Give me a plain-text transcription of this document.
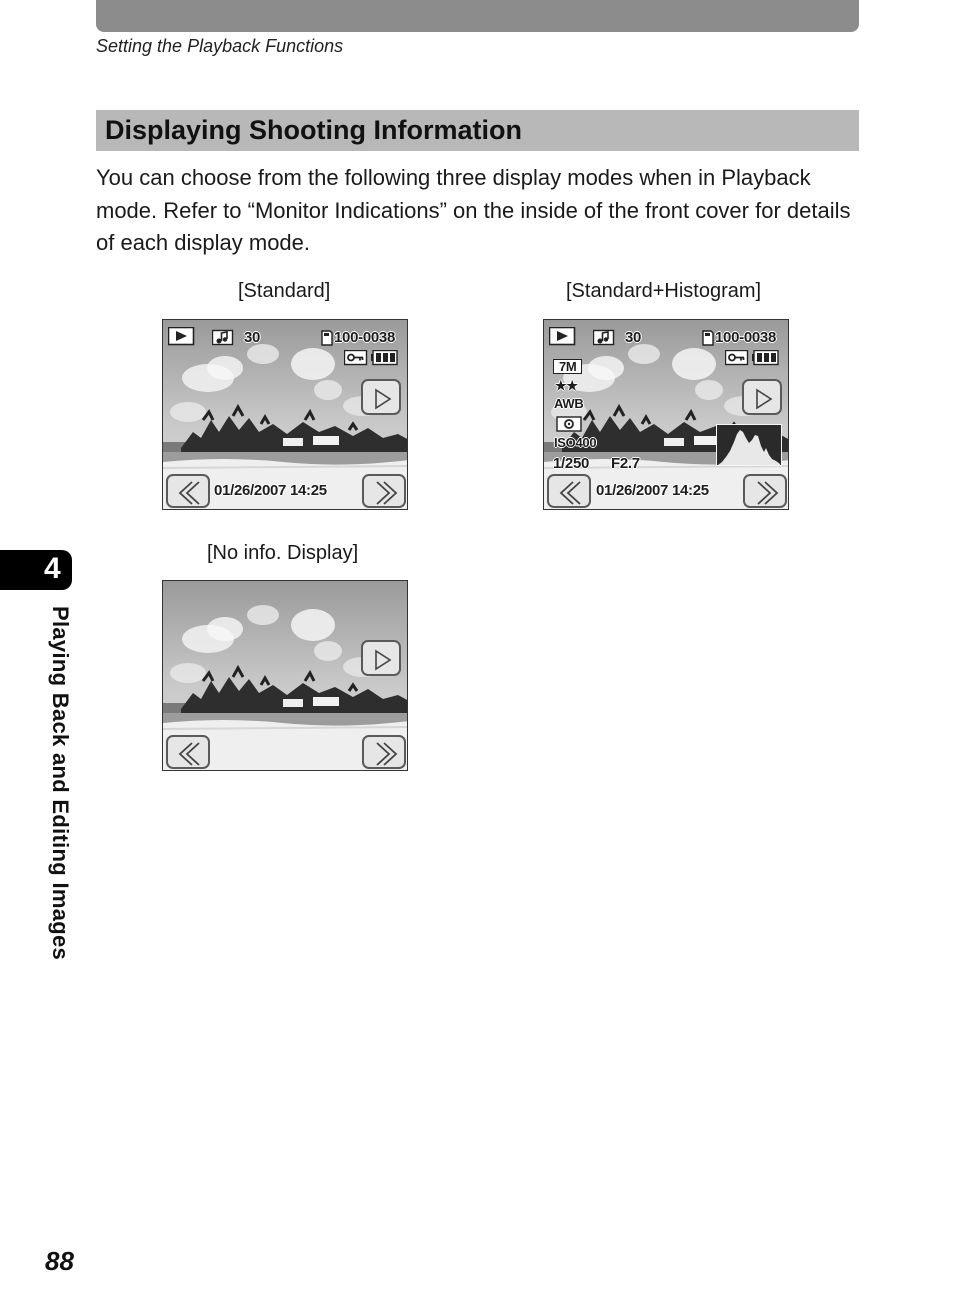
Setting the Playback Functions
Displaying Shooting Information
You can choose from the following three display modes when in Playback mode. Refer to “Monitor Indications” on the inside of the front cover for details of each display mode.
[Standard]
30	100-0038
01/26/2007 14:25
[Standard+Histogram]
30	100-0038
7M
★★
AWB
ISO400
1/250 F2.7
01/26/2007 14:25
[No info. Display]
4
Playing Back and Editing Images
88
